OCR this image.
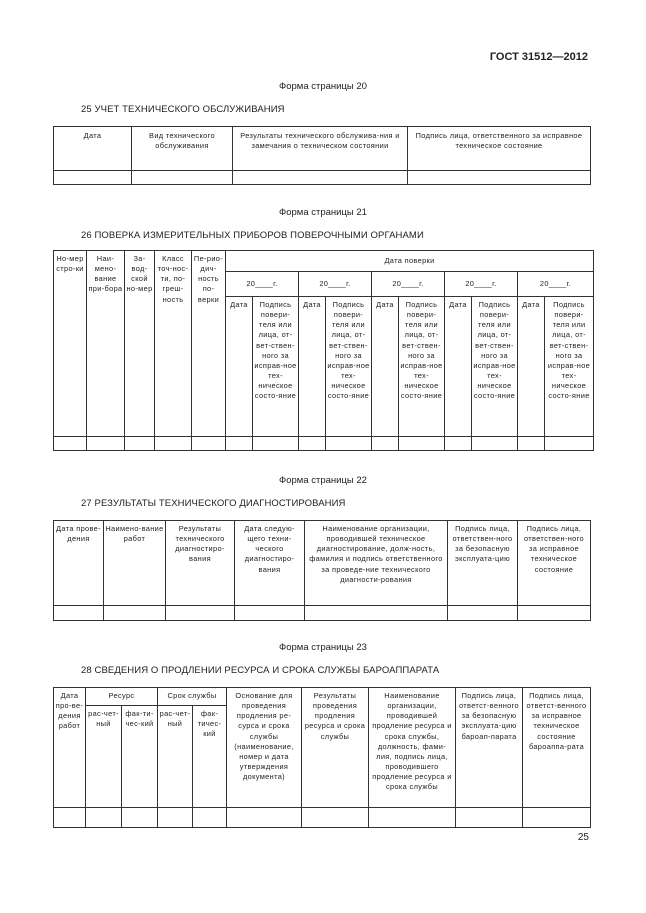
ГОСТ 31512—2012
Форма страницы 20
25 УЧЕТ ТЕХНИЧЕСКОГО ОБСЛУЖИВАНИЯ
Дата	Вид технического обслуживания	Результаты технического обслужива-ния и замечания о техническом состоянии	Подпись лица, ответственного за исправное техническое состояние

Форма страницы 21
26 ПОВЕРКА ИЗМЕРИТЕЛЬНЫХ ПРИБОРОВ ПОВЕРОЧНЫМИ ОРГАНАМИ
Но-мер стро-ки	Наи-мено-вание при-бора	За-вод-ской но-мер	Класс точ-нос-ти, по-греш-ность	Пе-рио-дич-ность по-верки	Дата поверки									
					20____г.		20____г.		20____г.		20____г.		20____г.	
					Дата	Подпись повери-теля или лица, от-вет-ствен-ного за исправ-ное тех-ническое состо-яние	Дата	Подпись повери-теля или лица, от-вет-ствен-ного за исправ-ное тех-ническое состо-яние	Дата	Подпись повери-теля или лица, от-вет-ствен-ного за исправ-ное тех-ническое состо-яние	Дата	Подпись повери-теля или лица, от-вет-ствен-ного за исправ-ное тех-ническое состо-яние	Дата	Подпись повери-теля или лица, от-вет-ствен-ного за исправ-ное тех-ническое состо-яние

Форма страницы 22
27 РЕЗУЛЬТАТЫ ТЕХНИЧЕСКОГО ДИАГНОСТИРОВАНИЯ
Дата прове-дения	Наимено-вание работ	Результаты технического диагностиро-вания	Дата следую-щего техни-ческого диагностиро-вания	Наименование организации, проводившей техническое диагностирование, долж-ность, фамилия и подпись ответственного за проведе-ние технического диагности-рования	Подпись лица, ответствен-ного за безопасную эксплуата-цию	Подпись лица, ответствен-ного за исправное техническое состояние

Форма страницы 23
28 СВЕДЕНИЯ О ПРОДЛЕНИИ РЕСУРСА И СРОКА СЛУЖБЫ БАРОАППАРАТА
Дата про-ве-дения работ	Ресурс		Срок службы		Основание для проведения продления ре-сурса и срока службы (наименование, номер и дата утверждения документа)	Результаты проведения продления ресурса и срока службы	Наименование организации, проводившей продление ресурса и срока службы, должность, фами-лия, подпись лица, проводившего продление ресурса и срока службы	Подпись лица, ответст-венного за безопасную эксплуата-цию бароап-парата	Подпись лица, ответст-венного за исправное техническое состояние бароаппа-рата
	рас-чет-ный	фак-ти-чес-кий	рас-чет-ный	фак-тичес-кий					

25
